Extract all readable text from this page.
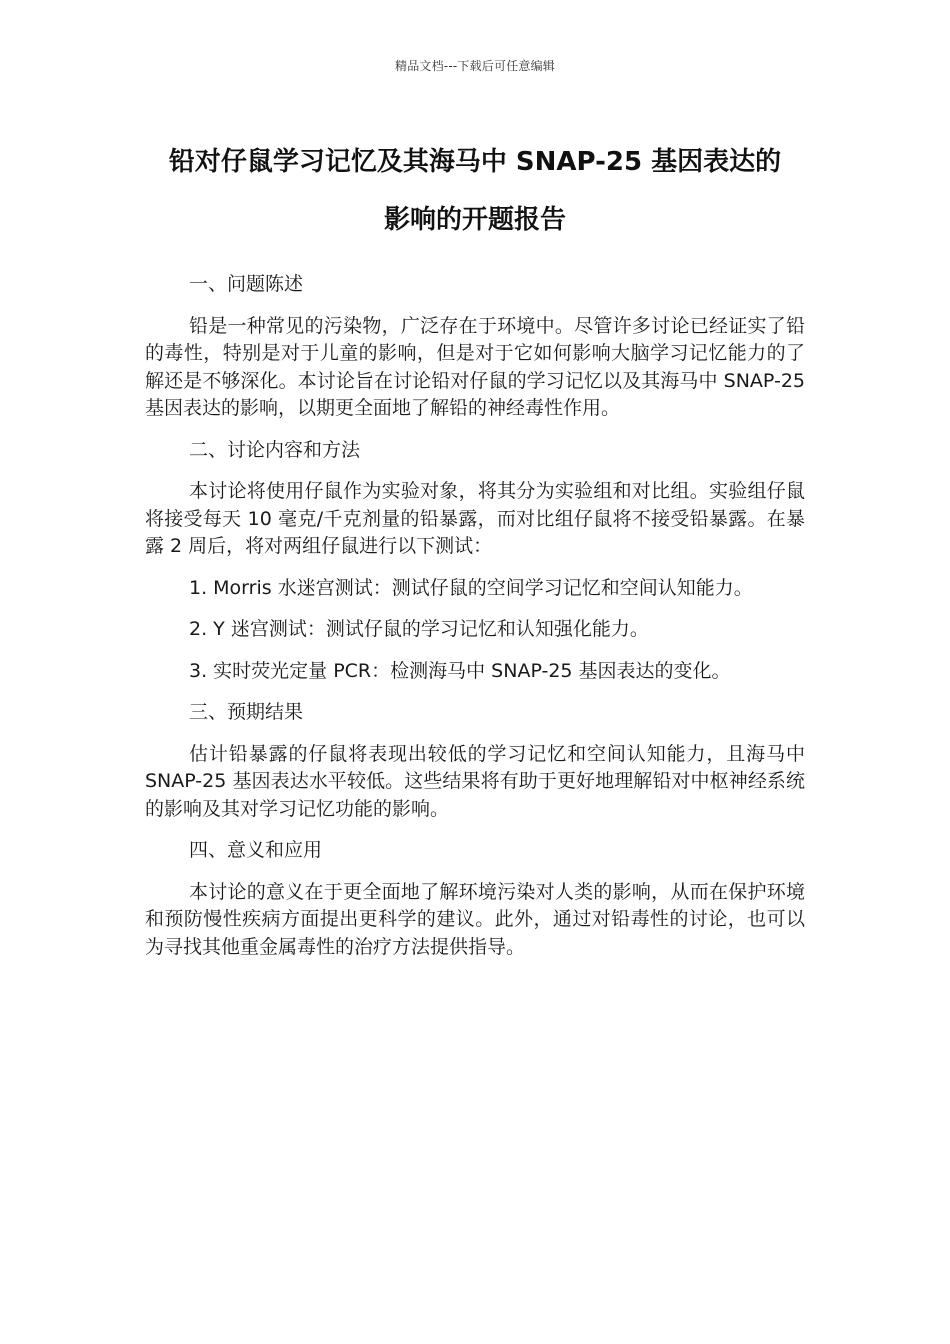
精品文档---下载后可任意编辑
铅对仔鼠学习记忆及其海马中 SNAP-25 基因表达的
影响的开题报告

一、问题陈述

铅是一种常见的污染物，广泛存在于环境中。尽管许多讨论已经证实了铅的毒性，特别是对于儿童的影响，但是对于它如何影响大脑学习记忆能力的了解还是不够深化。本讨论旨在讨论铅对仔鼠的学习记忆以及其海马中 SNAP-25 基因表达的影响，以期更全面地了解铅的神经毒性作用。

二、讨论内容和方法

本讨论将使用仔鼠作为实验对象，将其分为实验组和对比组。实验组仔鼠将接受每天 10 毫克/千克剂量的铅暴露，而对比组仔鼠将不接受铅暴露。在暴露 2 周后，将对两组仔鼠进行以下测试：

1. Morris 水迷宫测试：测试仔鼠的空间学习记忆和空间认知能力。

2. Y 迷宫测试：测试仔鼠的学习记忆和认知强化能力。

3. 实时荧光定量 PCR：检测海马中 SNAP-25 基因表达的变化。

三、预期结果

估计铅暴露的仔鼠将表现出较低的学习记忆和空间认知能力，且海马中 SNAP-25 基因表达水平较低。这些结果将有助于更好地理解铅对中枢神经系统的影响及其对学习记忆功能的影响。

四、意义和应用

本讨论的意义在于更全面地了解环境污染对人类的影响，从而在保护环境和预防慢性疾病方面提出更科学的建议。此外，通过对铅毒性的讨论，也可以为寻找其他重金属毒性的治疗方法提供指导。
